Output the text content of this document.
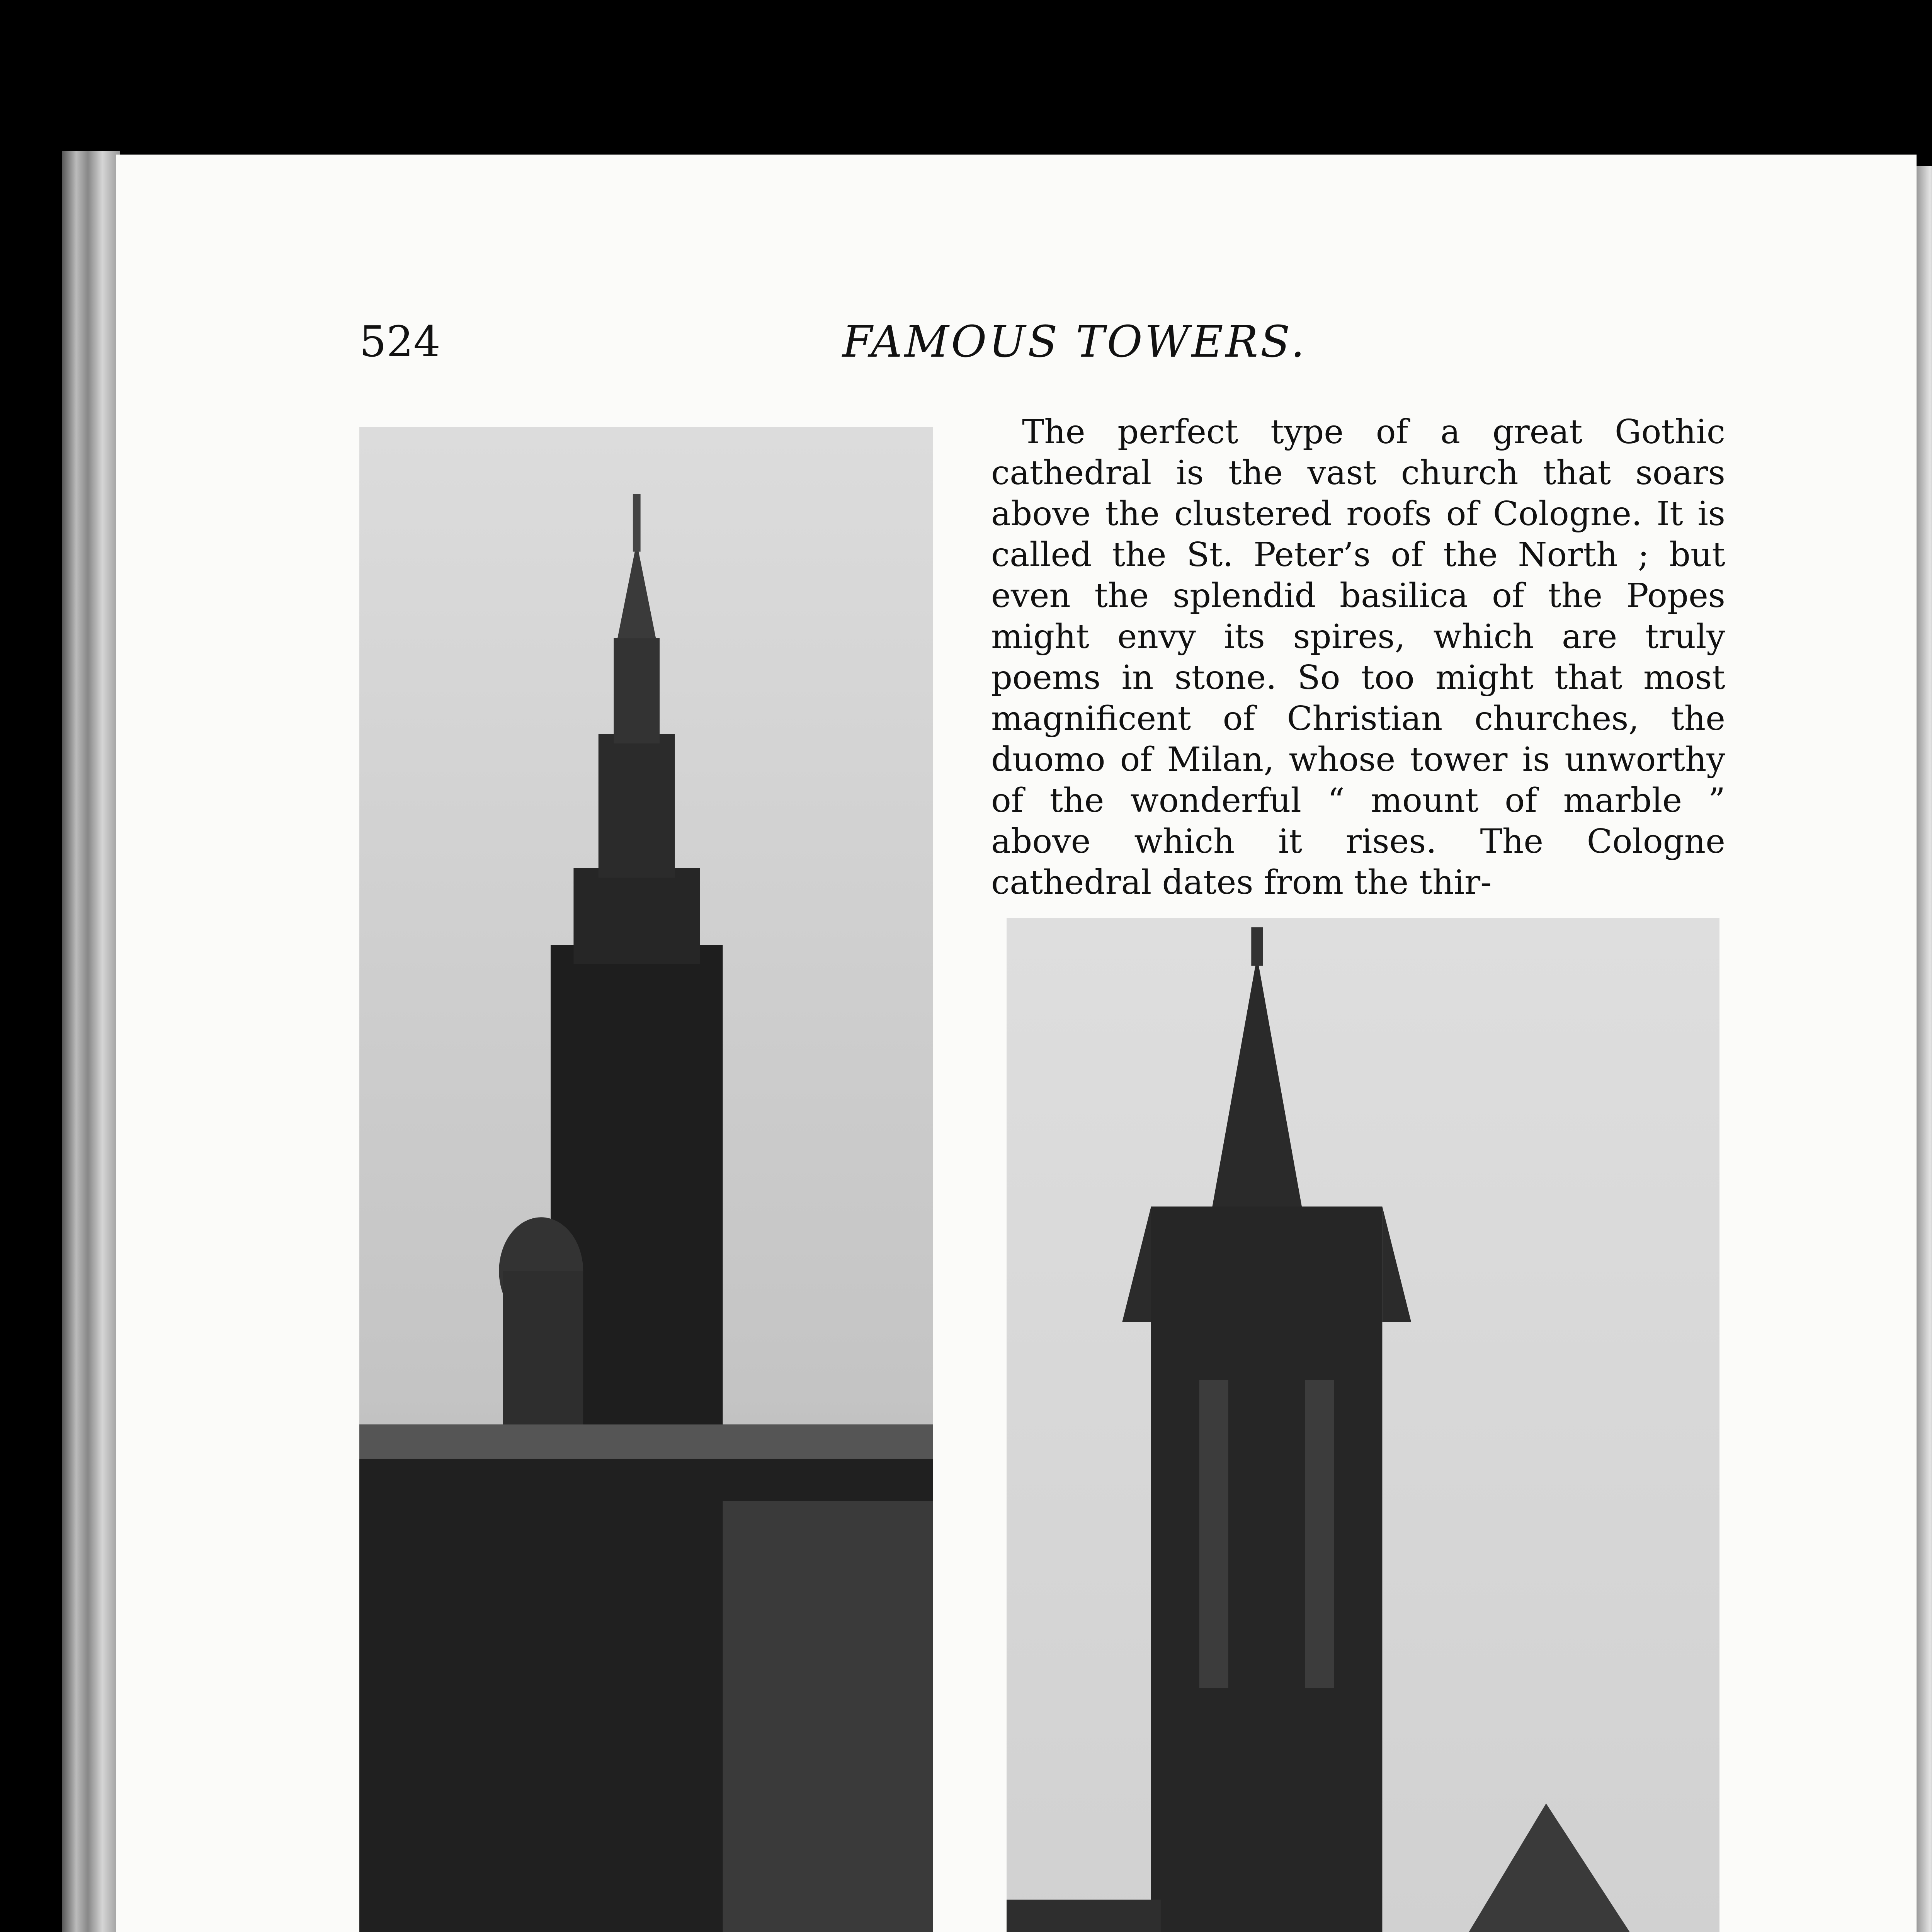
524	FAMOUS TOWERS.

The perfect type of a great Gothic cathedral is the vast church that soars above the clustered roofs of Cologne. It is called the St. Peter’s of the North ; but even the splendid basilica of the Popes might envy its spires, which are truly poems in stone. So too might that most magnificent of Christian churches, the duomo of Milan, whose tower is unworthy of the wonderful “ mount of marble ” above which it rises. The Cologne cathedral dates from the thir-
